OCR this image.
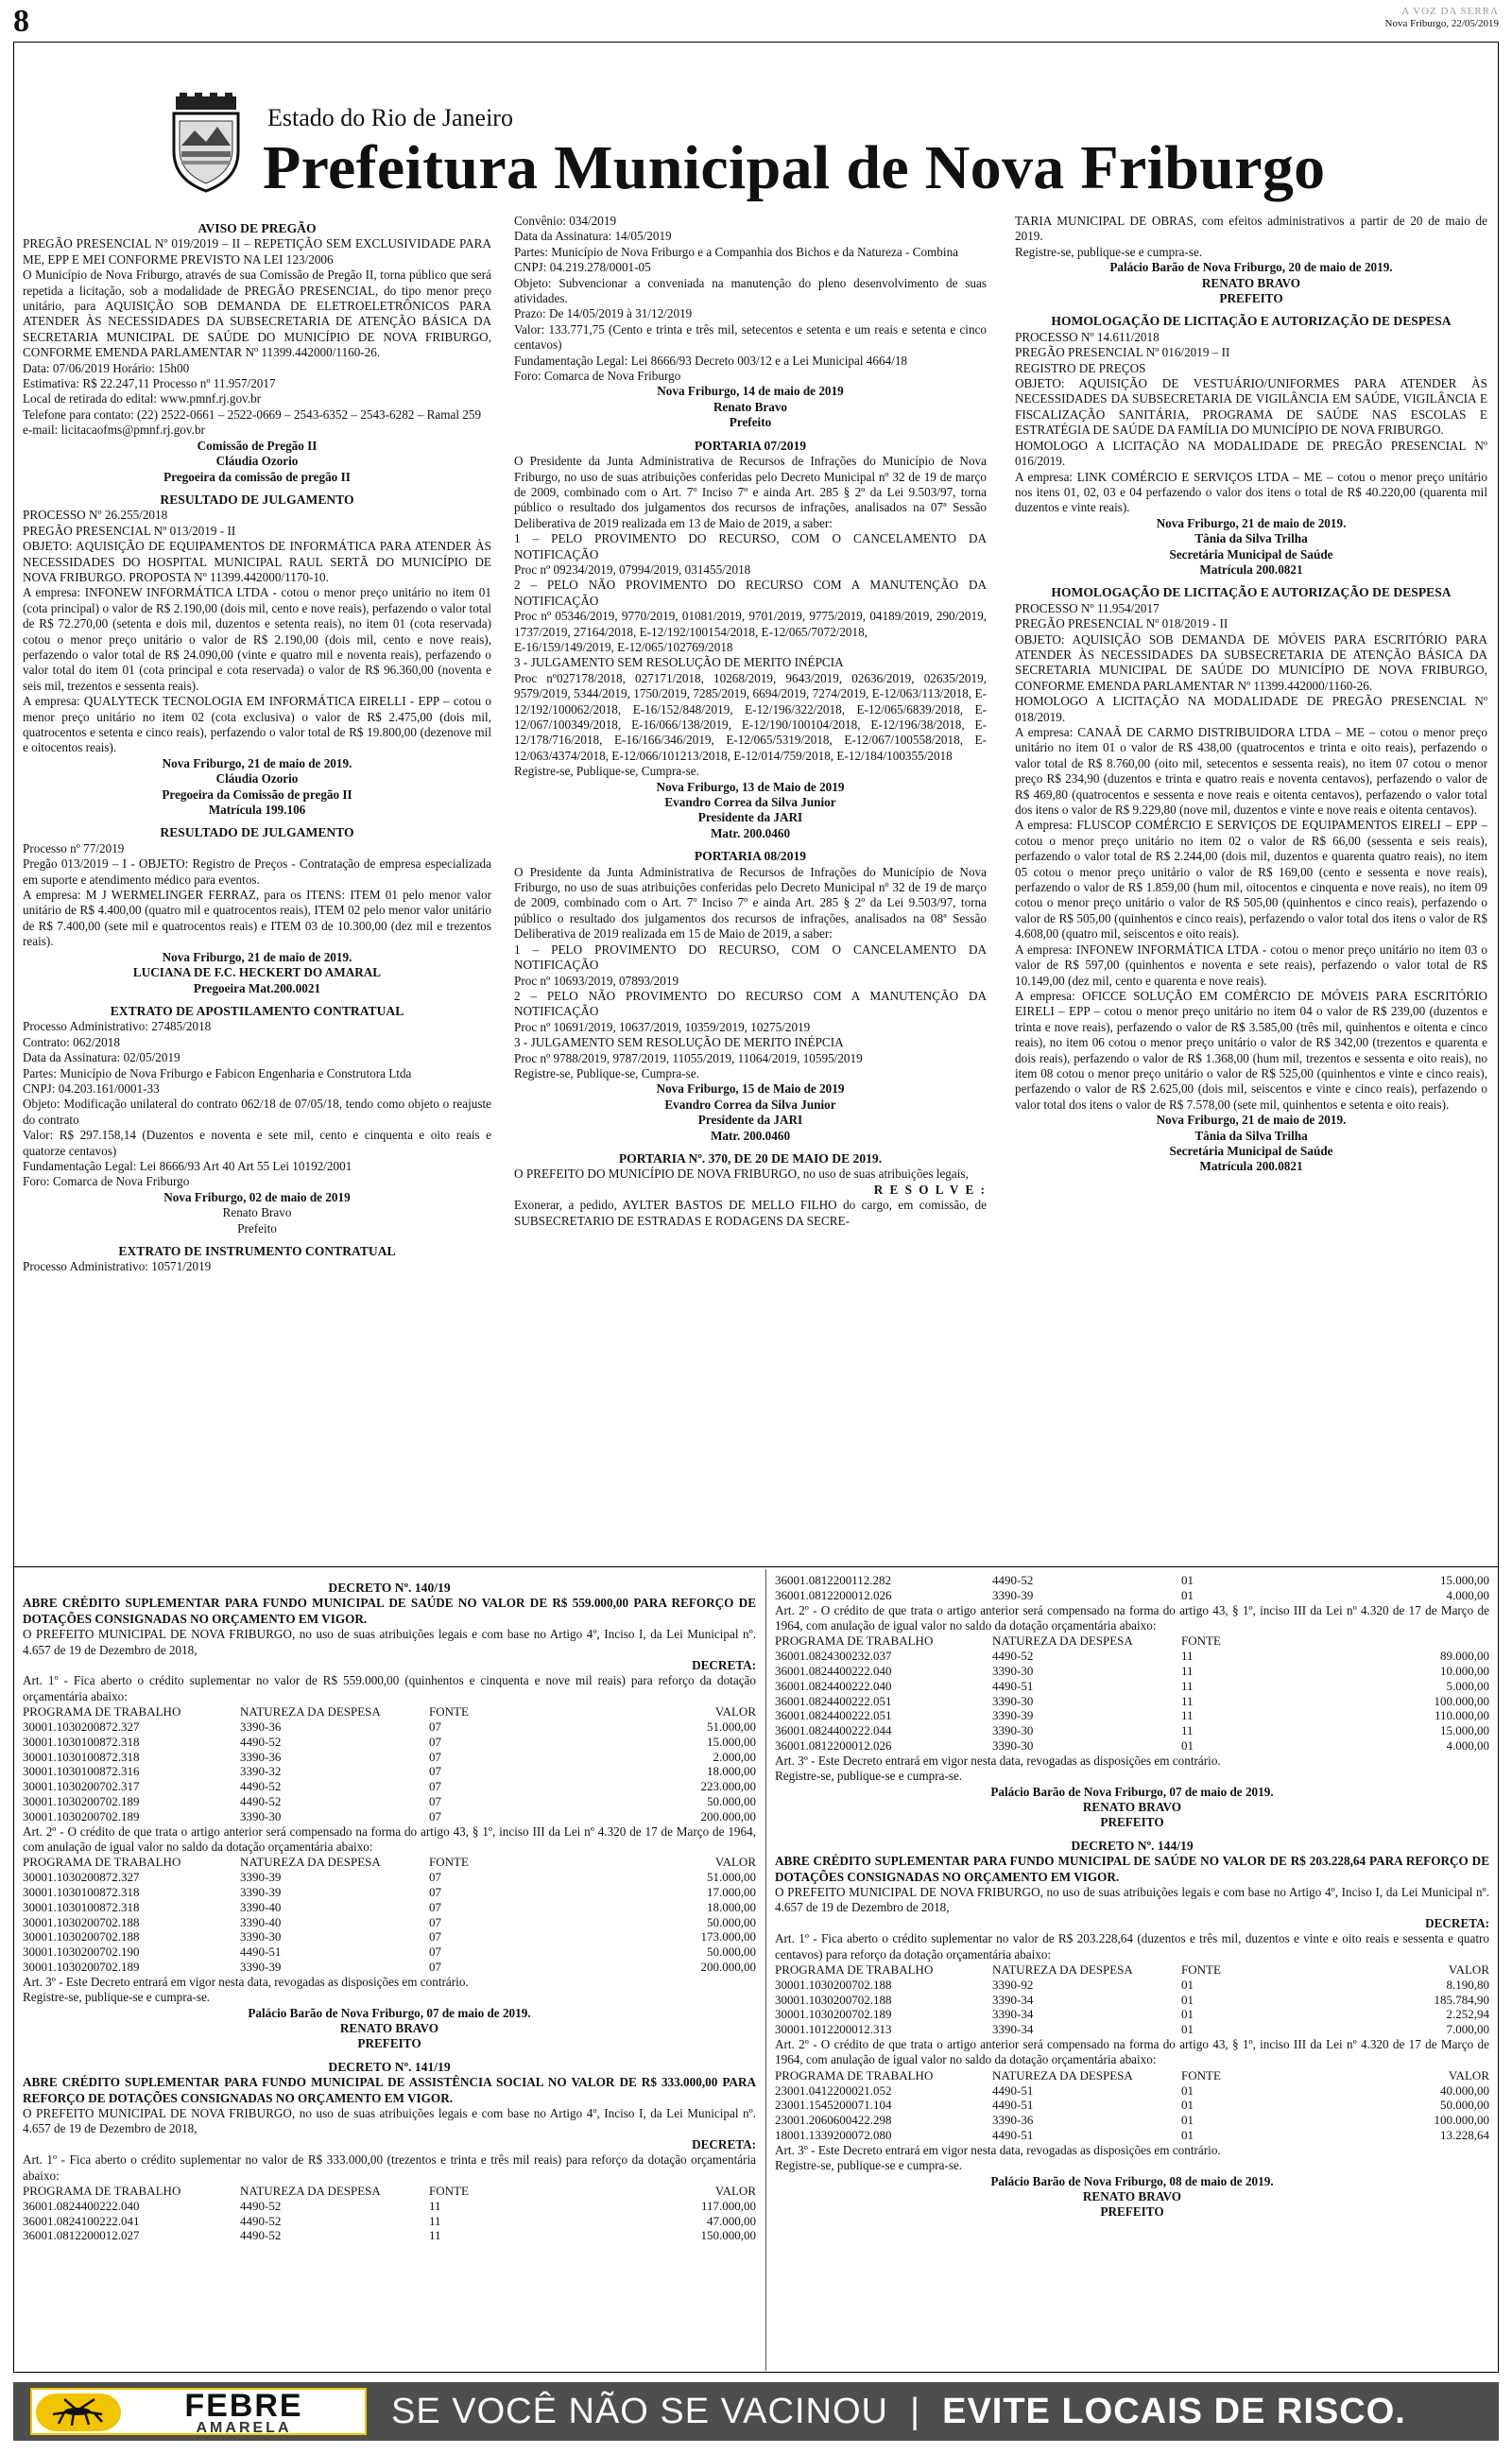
8	A VOZ DA SERRA
Nova Friburgo, 22/05/2019
Estado do Rio de Janeiro
Prefeitura Municipal de Nova Friburgo
AVISO DE PREGÃO

PREGÃO PRESENCIAL Nº 019/2019 – II – REPETIÇÃO SEM EXCLUSIVIDADE PARA ME, EPP E MEI CONFORME PREVISTO NA LEI 123/2006

O Município de Nova Friburgo, através de sua Comissão de Pregão II, torna público que será repetida a licitação, sob a modalidade de PREGÃO PRESENCIAL, do tipo menor preço unitário, para AQUISIÇÃO SOB DEMANDA DE ELETROELETRÔNICOS PARA ATENDER ÀS NECESSIDADES DA SUBSECRETARIA DE ATENÇÃO BÁSICA DA SECRETARIA MUNICIPAL DE SAÚDE DO MUNICÍPIO DE NOVA FRIBURGO, CONFORME EMENDA PARLAMENTAR Nº 11399.442000/1160-26.

Data: 07/06/2019 Horário: 15h00

Estimativa: R$ 22.247,11 Processo nº 11.957/2017

Local de retirada do edital: www.pmnf.rj.gov.br

Telefone para contato: (22) 2522-0661 – 2522-0669 – 2543-6352 – 2543-6282 – Ramal 259

e-mail: licitacaofms@pmnf.rj.gov.br

Comissão de Pregão II
Cláudia Ozorio
Pregoeira da comissão de pregão II
RESULTADO DE JULGAMENTO

PROCESSO Nº 26.255/2018

PREGÃO PRESENCIAL Nº 013/2019 - II

OBJETO: AQUISIÇÃO DE EQUIPAMENTOS DE INFORMÁTICA PARA ATENDER ÀS NECESSIDADES DO HOSPITAL MUNICIPAL RAUL SERTÃ DO MUNICÍPIO DE NOVA FRIBURGO. PROPOSTA Nº 11399.442000/1170-10.

A empresa: INFONEW INFORMÁTICA LTDA - cotou o menor preço unitário no item 01 (cota principal) o valor de R$ 2.190,00 (dois mil, cento e nove reais), perfazendo o valor total de R$ 72.270,00 (setenta e dois mil, duzentos e setenta reais), no item 01 (cota reservada) cotou o menor preço unitário o valor de R$ 2.190,00 (dois mil, cento e nove reais), perfazendo o valor total de R$ 24.090,00 (vinte e quatro mil e noventa reais), perfazendo o valor total do item 01 (cota principal e cota reservada) o valor de R$ 96.360,00 (noventa e seis mil, trezentos e sessenta reais).

A empresa: QUALYTECK TECNOLOGIA EM INFORMÁTICA EIRELLI - EPP – cotou o menor preço unitário no item 02 (cota exclusiva) o valor de R$ 2.475,00 (dois mil, quatrocentos e setenta e cinco reais), perfazendo o valor total de R$ 19.800,00 (dezenove mil e oitocentos reais).

Nova Friburgo, 21 de maio de 2019.
Cláudia Ozorio
Pregoeira da Comissão de pregão II
Matrícula 199.106
RESULTADO DE JULGAMENTO

Processo nº 77/2019

Pregão 013/2019 – I - OBJETO: Registro de Preços - Contratação de empresa especializada em suporte e atendimento médico para eventos.

A empresa: M J WERMELINGER FERRAZ, para os ITENS: ITEM 01 pelo menor valor unitário de R$ 4.400,00 (quatro mil e quatrocentos reais), ITEM 02 pelo menor valor unitário de R$ 7.400,00 (sete mil e quatrocentos reais) e ITEM 03 de 10.300,00 (dez mil e trezentos reais).

Nova Friburgo, 21 de maio de 2019.
LUCIANA DE F.C. HECKERT DO AMARAL
Pregoeira Mat.200.0021
EXTRATO DE APOSTILAMENTO CONTRATUAL

Processo Administrativo: 27485/2018

Contrato: 062/2018

Data da Assinatura: 02/05/2019

Partes: Município de Nova Friburgo e Fabicon Engenharia e Construtora Ltda

CNPJ: 04.203.161/0001-33

Objeto: Modificação unilateral do contrato 062/18 de 07/05/18, tendo como objeto o reajuste do contrato

Valor: R$ 297.158,14 (Duzentos e noventa e sete mil, cento e cinquenta e oito reais e quatorze centavos)

Fundamentação Legal: Lei 8666/93 Art 40 Art 55 Lei 10192/2001

Foro: Comarca de Nova Friburgo

Nova Friburgo, 02 de maio de 2019
Renato Bravo
Prefeito
EXTRATO DE INSTRUMENTO CONTRATUAL

Processo Administrativo: 10571/2019

Convênio: 034/2019

Data da Assinatura: 14/05/2019

Partes: Município de Nova Friburgo e a Companhia dos Bichos e da Natureza - Combina

CNPJ: 04.219.278/0001-05

Objeto: Subvencionar a conveniada na manutenção do pleno desenvolvimento de suas atividades.

Prazo: De 14/05/2019 à 31/12/2019

Valor: 133.771,75 (Cento e trinta e três mil, setecentos e setenta e um reais e setenta e cinco centavos)

Fundamentação Legal: Lei 8666/93 Decreto 003/12 e a Lei Municipal 4664/18

Foro: Comarca de Nova Friburgo

Nova Friburgo, 14 de maio de 2019
Renato Bravo
Prefeito
PORTARIA 07/2019

O Presidente da Junta Administrativa de Recursos de Infrações do Município de Nova Friburgo, no uso de suas atribuições conferidas pelo Decreto Municipal nº 32 de 19 de março de 2009, combinado com o Art. 7º Inciso 7º e ainda Art. 285 § 2º da Lei 9.503/97, torna público o resultado dos julgamentos dos recursos de infrações, analisados na 07ª Sessão Deliberativa de 2019 realizada em 13 de Maio de 2019, a saber:

1 – PELO PROVIMENTO DO RECURSO, COM O CANCELAMENTO DA NOTIFICAÇÃO

Proc nº 09234/2019, 07994/2019, 031455/2018

2 – PELO NÃO PROVIMENTO DO RECURSO COM A MANUTENÇÃO DA NOTIFICAÇÃO

Proc nº 05346/2019, 9770/2019, 01081/2019, 9701/2019, 9775/2019, 04189/2019, 290/2019, 1737/2019, 27164/2018, E-12/192/100154/2018, E-12/065/7072/2018,

E-16/159/149/2019, E-12/065/102769/2018

3 - JULGAMENTO SEM RESOLUÇÃO DE MERITO INÉPCIA

Proc nº027178/2018, 027171/2018, 10268/2019, 9643/2019, 02636/2019, 02635/2019, 9579/2019, 5344/2019, 1750/2019, 7285/2019, 6694/2019, 7274/2019, E-12/063/113/2018, E-12/192/100062/2018, E-16/152/848/2019, E-12/196/322/2018, E-12/065/6839/2018, E-12/067/100349/2018, E-16/066/138/2019, E-12/190/100104/2018, E-12/196/38/2018, E-12/178/716/2018, E-16/166/346/2019, E-12/065/5319/2018, E-12/067/100558/2018, E-12/063/4374/2018, E-12/066/101213/2018, E-12/014/759/2018, E-12/184/100355/2018

Registre-se, Publique-se, Cumpra-se.

Nova Friburgo, 13 de Maio de 2019
Evandro Correa da Silva Junior
Presidente da JARI
Matr. 200.0460
PORTARIA 08/2019

O Presidente da Junta Administrativa de Recursos de Infrações do Município de Nova Friburgo, no uso de suas atribuições conferidas pelo Decreto Municipal nº 32 de 19 de março de 2009, combinado com o Art. 7º Inciso 7º e ainda Art. 285 § 2º da Lei 9.503/97, torna público o resultado dos julgamentos dos recursos de infrações, analisados na 08ª Sessão Deliberativa de 2019 realizada em 15 de Maio de 2019, a saber:

1 – PELO PROVIMENTO DO RECURSO, COM O CANCELAMENTO DA NOTIFICAÇÃO

Proc nº 10693/2019, 07893/2019

2 – PELO NÃO PROVIMENTO DO RECURSO COM A MANUTENÇÃO DA NOTIFICAÇÃO

Proc nº 10691/2019, 10637/2019, 10359/2019, 10275/2019

3 - JULGAMENTO SEM RESOLUÇÃO DE MERITO INÉPCIA

Proc nº 9788/2019, 9787/2019, 11055/2019, 11064/2019, 10595/2019

Registre-se, Publique-se, Cumpra-se.

Nova Friburgo, 15 de Maio de 2019
Evandro Correa da Silva Junior
Presidente da JARI
Matr. 200.0460
PORTARIA Nº. 370, DE 20 DE MAIO DE 2019.

O PREFEITO DO MUNICÍPIO DE NOVA FRIBURGO, no uso de suas atribuições legais,

R E S O L V E :

Exonerar, a pedido, AYLTER BASTOS DE MELLO FILHO do cargo, em comissão, de SUBSECRETARIO DE ESTRADAS E RODAGENS DA SECRE-

TARIA MUNICIPAL DE OBRAS, com efeitos administrativos a partir de 20 de maio de 2019.

Registre-se, publique-se e cumpra-se.

Palácio Barão de Nova Friburgo, 20 de maio de 2019.
RENATO BRAVO
PREFEITO
HOMOLOGAÇÃO DE LICITAÇÃO E AUTORIZAÇÃO DE DESPESA

PROCESSO Nº 14.611/2018

PREGÃO PRESENCIAL Nº 016/2019 – II

REGISTRO DE PREÇOS

OBJETO: AQUISIÇÃO DE VESTUÁRIO/UNIFORMES PARA ATENDER ÀS NECESSIDADES DA SUBSECRETARIA DE VIGILÂNCIA EM SAÚDE, VIGILÂNCIA E FISCALIZAÇÃO SANITÁRIA, PROGRAMA DE SAÚDE NAS ESCOLAS E ESTRATÉGIA DE SAÚDE DA FAMÍLIA DO MUNICÍPIO DE NOVA FRIBURGO.

HOMOLOGO A LICITAÇÃO NA MODALIDADE DE PREGÃO PRESENCIAL Nº 016/2019.

A empresa: LINK COMÉRCIO E SERVIÇOS LTDA – ME – cotou o menor preço unitário nos itens 01, 02, 03 e 04 perfazendo o valor dos itens o total de R$ 40.220,00 (quarenta mil duzentos e vinte reais).

Nova Friburgo, 21 de maio de 2019.
Tânia da Silva Trilha
Secretária Municipal de Saúde
Matrícula 200.0821
HOMOLOGAÇÃO DE LICITAÇÃO E AUTORIZAÇÃO DE DESPESA

PROCESSO Nº 11.954/2017

PREGÃO PRESENCIAL Nº 018/2019 - II

OBJETO: AQUISIÇÃO SOB DEMANDA DE MÓVEIS PARA ESCRITÓRIO PARA ATENDER ÀS NECESSIDADES DA SUBSECRETARIA DE ATENÇÃO BÁSICA DA SECRETARIA MUNICIPAL DE SAÚDE DO MUNICÍPIO DE NOVA FRIBURGO, CONFORME EMENDA PARLAMENTAR Nº 11399.442000/1160-26.

HOMOLOGO A LICITAÇÃO NA MODALIDADE DE PREGÃO PRESENCIAL Nº 018/2019.

A empresa: CANAÃ DE CARMO DISTRIBUIDORA LTDA – ME – cotou o menor preço unitário no item 01 o valor de R$ 438,00 (quatrocentos e trinta e oito reais), perfazendo o valor total de R$ 8.760,00 (oito mil, setecentos e sessenta reais), no item 07 cotou o menor preço R$ 234,90 (duzentos e trinta e quatro reais e noventa centavos), perfazendo o valor de R$ 469,80 (quatrocentos e sessenta e nove reais e oitenta centavos), perfazendo o valor total dos itens o valor de R$ 9.229,80 (nove mil, duzentos e vinte e nove reais e oitenta centavos).

A empresa: FLUSCOP COMÉRCIO E SERVIÇOS DE EQUIPAMENTOS EIRELI – EPP – cotou o menor preço unitário no item 02 o valor de R$ 66,00 (sessenta e seis reais), perfazendo o valor total de R$ 2.244,00 (dois mil, duzentos e quarenta quatro reais), no item 05 cotou o menor preço unitário o valor de R$ 169,00 (cento e sessenta e nove reais), perfazendo o valor de R$ 1.859,00 (hum mil, oitocentos e cinquenta e nove reais), no item 09 cotou o menor preço unitário o valor de R$ 505,00 (quinhentos e cinco reais), perfazendo o valor de R$ 505,00 (quinhentos e cinco reais), perfazendo o valor total dos itens o valor de R$ 4.608,00 (quatro mil, seiscentos e oito reais).

A empresa: INFONEW INFORMÁTICA LTDA - cotou o menor preço unitário no item 03 o valor de R$ 597,00 (quinhentos e noventa e sete reais), perfazendo o valor total de R$ 10.149,00 (dez mil, cento e quarenta e nove reais).

A empresa: OFICCE SOLUÇÃO EM COMÉRCIO DE MÓVEIS PARA ESCRITÓRIO EIRELI – EPP – cotou o menor preço unitário no item 04 o valor de R$ 239,00 (duzentos e trinta e nove reais), perfazendo o valor de R$ 3.585,00 (três mil, quinhentos e oitenta e cinco reais), no item 06 cotou o menor preço unitário o valor de R$ 342,00 (trezentos e quarenta e dois reais), perfazendo o valor de R$ 1.368,00 (hum mil, trezentos e sessenta e oito reais), no item 08 cotou o menor preço unitário o valor de R$ 525,00 (quinhentos e vinte e cinco reais), perfazendo o valor de R$ 2.625,00 (dois mil, seiscentos e vinte e cinco reais), perfazendo o valor total dos itens o valor de R$ 7.578,00 (sete mil, quinhentos e setenta e oito reais).

Nova Friburgo, 21 de maio de 2019.
Tânia da Silva Trilha
Secretária Municipal de Saúde
Matrícula 200.0821
DECRETO Nº. 140/19

ABRE CRÉDITO SUPLEMENTAR PARA FUNDO MUNICIPAL DE SAÚDE NO VALOR DE R$ 559.000,00 PARA REFORÇO DE DOTAÇÕES CONSIGNADAS NO ORÇAMENTO EM VIGOR.

O PREFEITO MUNICIPAL DE NOVA FRIBURGO, no uso de suas atribuições legais e com base no Artigo 4º, Inciso I, da Lei Municipal nº. 4.657 de 19 de Dezembro de 2018,

DECRETA:

Art. 1º - Fica aberto o crédito suplementar no valor de R$ 559.000,00 (quinhentos e cinquenta e nove mil reais) para reforço da dotação orçamentária abaixo:

PROGRAMA DE TRABALHO	NATUREZA DA DESPESA	FONTE	VALOR
30001.1030200872.327	3390-36	07	51.000,00
30001.1030100872.318	4490-52	07	15.000,00
30001.1030100872.318	3390-36	07	2.000,00
30001.1030100872.316	3390-32	07	18.000,00
30001.1030200702.317	4490-52	07	223.000,00
30001.1030200702.189	4490-52	07	50.000,00
30001.1030200702.189	3390-30	07	200.000,00

Art. 2º - O crédito de que trata o artigo anterior será compensado na forma do artigo 43, § 1º, inciso III da Lei nº 4.320 de 17 de Março de 1964, com anulação de igual valor no saldo da dotação orçamentária abaixo:

PROGRAMA DE TRABALHO	NATUREZA DA DESPESA	FONTE	VALOR
30001.1030200872.327	3390-39	07	51.000,00
30001.1030100872.318	3390-39	07	17.000,00
30001.1030100872.318	3390-40	07	18.000,00
30001.1030200702.188	3390-40	07	50.000,00
30001.1030200702.188	3390-30	07	173.000,00
30001.1030200702.190	4490-51	07	50.000,00
30001.1030200702.189	3390-39	07	200.000,00

Art. 3º - Este Decreto entrará em vigor nesta data, revogadas as disposições em contrário.

Registre-se, publique-se e cumpra-se.

Palácio Barão de Nova Friburgo, 07 de maio de 2019.
RENATO BRAVO
PREFEITO
DECRETO Nº. 141/19

ABRE CRÉDITO SUPLEMENTAR PARA FUNDO MUNICIPAL DE ASSISTÊNCIA SOCIAL NO VALOR DE R$ 333.000,00 PARA REFORÇO DE DOTAÇÕES CONSIGNADAS NO ORÇAMENTO EM VIGOR.

O PREFEITO MUNICIPAL DE NOVA FRIBURGO, no uso de suas atribuições legais e com base no Artigo 4º, Inciso I, da Lei Municipal nº. 4.657 de 19 de Dezembro de 2018,

DECRETA:

Art. 1º - Fica aberto o crédito suplementar no valor de R$ 333.000,00 (trezentos e trinta e três mil reais) para reforço da dotação orçamentária abaixo:

PROGRAMA DE TRABALHO	NATUREZA DA DESPESA	FONTE	VALOR
36001.0824400222.040	4490-52	11	117.000,00
36001.0824100222.041	4490-52	11	47.000,00
36001.0812200012.027	4490-52	11	150.000,00
36001.0812200112.282	4490-52	01	15.000,00
36001.0812200012.026	3390-39	01	4.000,00

Art. 2º - O crédito de que trata o artigo anterior será compensado na forma do artigo 43, § 1º, inciso III da Lei nº 4.320 de 17 de Março de 1964, com anulação de igual valor no saldo da dotação orçamentária abaixo:

PROGRAMA DE TRABALHO	NATUREZA DA DESPESA	FONTE
36001.0824300232.037	4490-52	11	89.000,00
36001.0824400222.040	3390-30	11	10.000,00
36001.0824400222.040	4490-51	11	5.000,00
36001.0824400222.051	3390-30	11	100.000,00
36001.0824400222.051	3390-39	11	110.000,00
36001.0824400222.044	3390-30	11	15.000,00
36001.0812200012.026	3390-30	01	4.000,00

Art. 3º - Este Decreto entrará em vigor nesta data, revogadas as disposições em contrário.

Registre-se, publique-se e cumpra-se.

Palácio Barão de Nova Friburgo, 07 de maio de 2019.
RENATO BRAVO
PREFEITO
DECRETO Nº. 144/19

ABRE CRÉDITO SUPLEMENTAR PARA FUNDO MUNICIPAL DE SAÚDE NO VALOR DE R$ 203.228,64 PARA REFORÇO DE DOTAÇÕES CONSIGNADAS NO ORÇAMENTO EM VIGOR.

O PREFEITO MUNICIPAL DE NOVA FRIBURGO, no uso de suas atribuições legais e com base no Artigo 4º, Inciso I, da Lei Municipal nº. 4.657 de 19 de Dezembro de 2018,

DECRETA:

Art. 1º - Fica aberto o crédito suplementar no valor de R$ 203.228,64 (duzentos e três mil, duzentos e vinte e oito reais e sessenta e quatro centavos) para reforço da dotação orçamentária abaixo:

PROGRAMA DE TRABALHO	NATUREZA DA DESPESA	FONTE	VALOR
30001.1030200702.188	3390-92	01	8.190,80
30001.1030200702.188	3390-34	01	185.784,90
30001.1030200702.189	3390-34	01	2.252,94
30001.1012200012.313	3390-34	01	7.000,00

Art. 2º - O crédito de que trata o artigo anterior será compensado na forma do artigo 43, § 1º, inciso III da Lei nº 4.320 de 17 de Março de 1964, com anulação de igual valor no saldo da dotação orçamentária abaixo:

PROGRAMA DE TRABALHO	NATUREZA DA DESPESA	FONTE	VALOR
23001.0412200021.052	4490-51	01	40.000,00
23001.1545200071.104	4490-51	01	50.000,00
23001.2060600422.298	3390-36	01	100.000,00
18001.1339200072.080	4490-51	01	13.228,64

Art. 3º - Este Decreto entrará em vigor nesta data, revogadas as disposições em contrário.

Registre-se, publique-se e cumpra-se.

Palácio Barão de Nova Friburgo, 08 de maio de 2019.
RENATO BRAVO
PREFEITO
FEBRE
AMARELA	SE VOCÊ NÃO SE VACINOU | EVITE LOCAIS DE RISCO.
